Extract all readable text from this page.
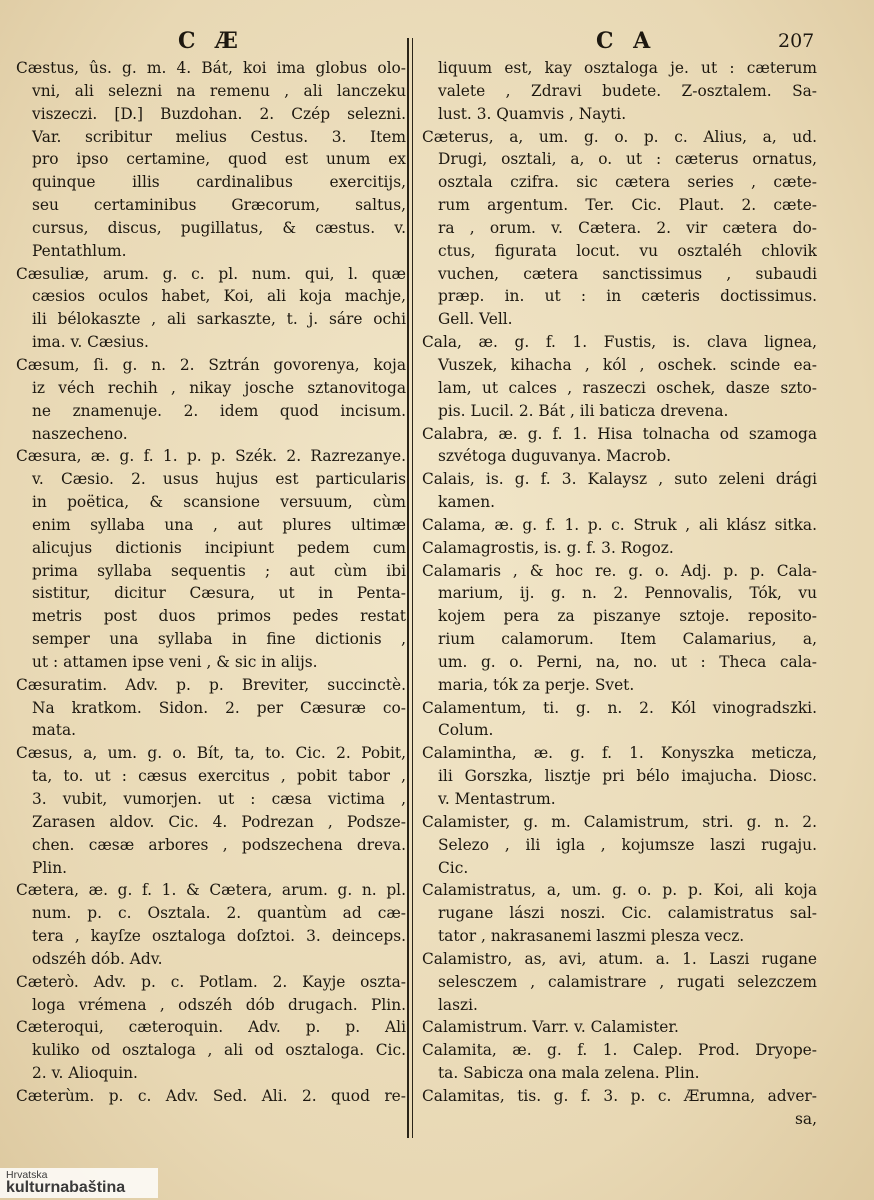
C Æ	C A	207
Cæstus, ûs. g. m. 4. Bát, koi ima globus olo-
vni, ali selezni na remenu , ali lanczeku
viszeczi. [D.] Buzdohan. 2. Czép selezni.
Var. scribitur melius Cestus. 3. Item
pro ipso certamine, quod est unum ex
quinque illis cardinalibus exercitijs,
seu certaminibus Græcorum, saltus,
cursus, discus, pugillatus, & cæstus. v.
Pentathlum.
Cæsuliæ, arum. g. c. pl. num. qui, l. quæ
cæsios oculos habet, Koi, ali koja machje,
ili bélokaszte , ali sarkaszte, t. j. sáre ochi
ima. v. Cæsius.
Cæsum, ſi. g. n. 2. Sztrán govorenya, koja
iz véch rechih , nikay josche sztanovitoga
ne znamenuje. 2. idem quod incisum.
naszecheno.
Cæsura, æ. g. f. 1. p. p. Szék. 2. Razrezanye.
v. Cæsio. 2. usus hujus est particularis
in poëtica, & scansione versuum, cùm
enim syllaba una , aut plures ultimæ
alicujus dictionis incipiunt pedem cum
prima syllaba sequentis ; aut cùm ibi
sistitur, dicitur Cæsura, ut in Penta-
metris post duos primos pedes restat
semper una syllaba in fine dictionis ,
ut : attamen ipse veni , & sic in alijs.
Cæsuratim. Adv. p. p. Breviter, succinctè.
Na kratkom. Sidon. 2. per Cæsuræ co-
mata.
Cæsus, a, um. g. o. Bít, ta, to. Cic. 2. Pobit,
ta, to. ut : cæsus exercitus , pobit tabor ,
3. vubit, vumorjen. ut : cæsa victima ,
Zarasen aldov. Cic. 4. Podrezan , Podsze-
chen. cæsæ arbores , podszechena dreva.
Plin.
Cætera, æ. g. f. 1. & Cætera, arum. g. n. pl.
num. p. c. Osztala. 2. quantùm ad cæ-
tera , kayſze osztaloga doſztoi. 3. deinceps.
odszéh dób. Adv.
Cæterò. Adv. p. c. Potlam. 2. Kayje oszta-
loga vrémena , odszéh dób drugach. Plin.
Cæteroqui, cæteroquin. Adv. p. p. Ali
kuliko od osztaloga , ali od osztaloga. Cic.
2. v. Alioquin.
Cæterùm. p. c. Adv. Sed. Ali. 2. quod re-
liquum est, kay osztaloga je. ut : cæterum
valete , Zdravi budete. Z-osztalem. Sa-
lust. 3. Quamvis , Nayti.
Cæterus, a, um. g. o. p. c. Alius, a, ud.
Drugi, osztali, a, o. ut : cæterus ornatus,
osztala czifra. sic cætera series , cæte-
rum argentum. Ter. Cic. Plaut. 2. cæte-
ra , orum. v. Cætera. 2. vir cætera do-
ctus, figurata locut. vu osztaléh chlovik
vuchen, cætera sanctissimus , subaudi
præp. in. ut : in cæteris doctissimus.
Gell. Vell.
Cala, æ. g. f. 1. Fustis, is. clava lignea,
Vuszek, kihacha , kól , oschek. scinde ea-
lam, ut calces , raszeczi oschek, dasze szto-
pis. Lucil. 2. Bát , ili baticza drevena.
Calabra, æ. g. f. 1. Hisa tolnacha od szamoga
szvétoga duguvanya. Macrob.
Calais, is. g. f. 3. Kalaysz , suto zeleni drági
kamen.
Calama, æ. g. f. 1. p. c. Struk , ali klász sitka.
Calamagrostis, is. g. f. 3. Rogoz.
Calamaris , & hoc re. g. o. Adj. p. p. Cala-
marium, ij. g. n. 2. Pennovalis, Tók, vu
kojem pera za piszanye sztoje. reposito-
rium calamorum. Item Calamarius, a,
um. g. o. Perni, na, no. ut : Theca cala-
maria, tók za perje. Svet.
Calamentum, ti. g. n. 2. Kól vinogradszki.
Colum.
Calamintha, æ. g. f. 1. Konyszka meticza,
ili Gorszka, lisztje pri bélo imajucha. Diosc.
v. Mentastrum.
Calamister, g. m. Calamistrum, stri. g. n. 2.
Selezo , ili igla , kojumsze laszi rugaju.
Cic.
Calamistratus, a, um. g. o. p. p. Koi, ali koja
rugane lászi noszi. Cic. calamistratus sal-
tator , nakrasanemi laszmi plesza vecz.
Calamistro, as, avi, atum. a. 1. Laszi rugane
selesczem , calamistrare , rugati selezczem
laszi.
Calamistrum. Varr. v. Calamister.
Calamita, æ. g. f. 1. Calep. Prod. Dryope-
ta. Sabicza ona mala zelena. Plin.
Calamitas, tis. g. f. 3. p. c. Ærumna, adver-
sa,
Hrvatska
kulturnabaština
